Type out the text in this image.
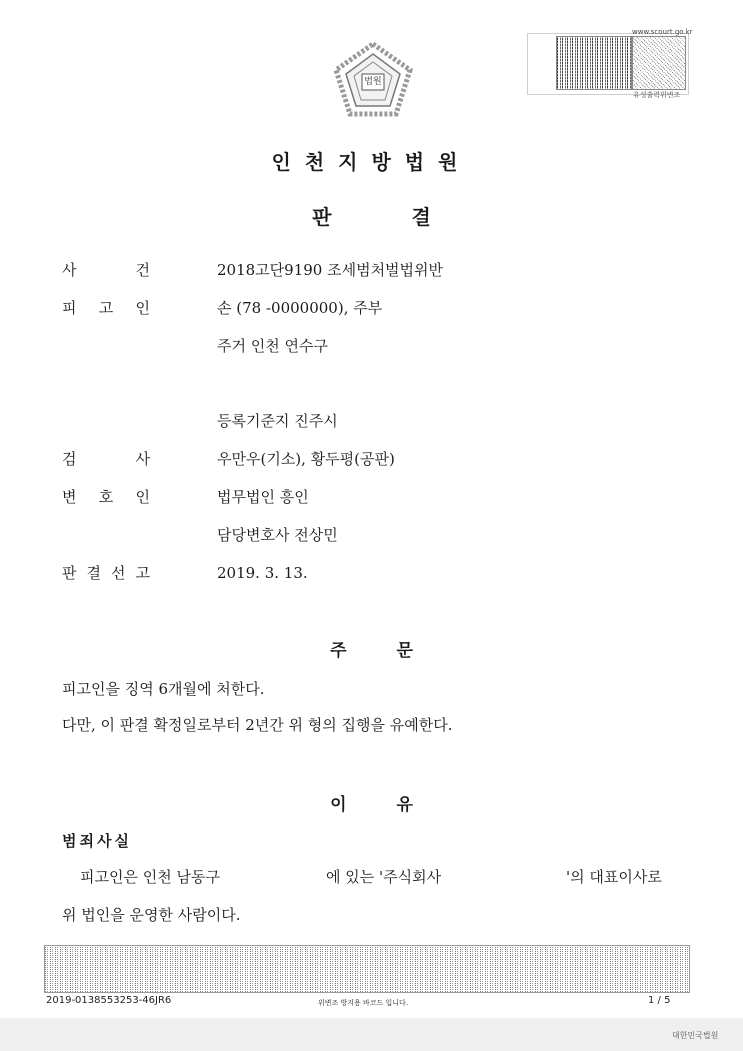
법원
www.scourt.go.kr
유성출력위변조
인천지방법원
판결
사	건	2018고단9190 조세범처벌법위반
피 고 인	손 (78 -0000000), 주부
주거 인천 연수구
등록기준지 진주시
검	사	우만우(기소), 황두평(공판)
변 호 인	법무법인 흥인
담당변호사 전상민
판 결 선 고	2019. 3. 13.
주문
피고인을 징역 6개월에 처한다.
다만, 이 판결 확정일로부터 2년간 위 형의 집행을 유예한다.
이유
범죄사실
피고인은 인천 남동구	에 있는 '주식회사	'의 대표이사로
위 법인을 운영한 사람이다.
2019-0138553253-46JR6	위변조 방지용 바코드 입니다.	1 / 5
대한민국법원
